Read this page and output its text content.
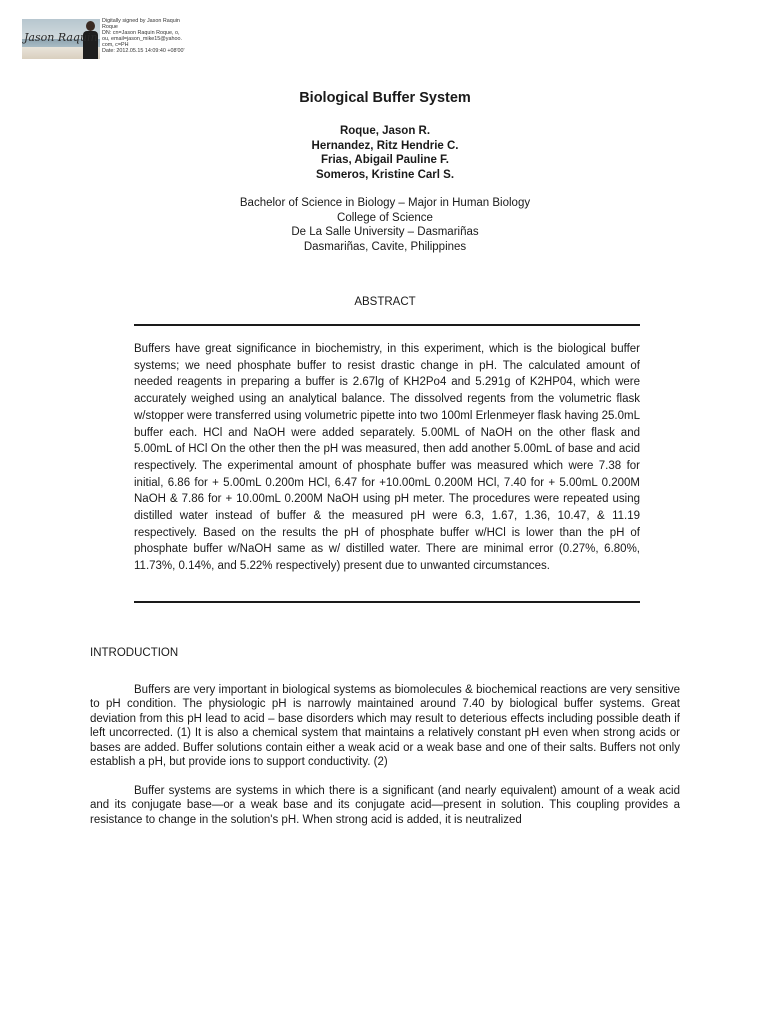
Jason Raquin
Digitally signed by Jason Raquin
Roque
DN: cn=Jason Raquin Roque, o,
ou, email=jason_mike15@yahoo.
com, c=PH
Date: 2012.05.15 14:09:40 +08'00'
Biological Buffer System
Roque, Jason R.
Hernandez, Ritz Hendrie C.
Frias, Abigail Pauline F.
Someros, Kristine Carl S.
Bachelor of Science in Biology – Major in Human Biology
College of Science
De La Salle University – Dasmariñas
Dasmariñas, Cavite, Philippines
ABSTRACT

Buffers have great significance in biochemistry, in this experiment, which is the biological buffer systems; we need phosphate buffer to resist drastic change in pH. The calculated amount of needed reagents in preparing a buffer is 2.67lg of KH2Po4 and 5.291g of K2HP04, which were accurately weighed using an analytical balance. The dissolved regents from the volumetric flask w/stopper were transferred using volumetric pipette into two 100ml Erlenmeyer flask having 25.0mL buffer each. HCl and NaOH were added separately. 5.00ML of NaOH on the other flask and 5.00mL of HCl On the other then the pH was measured, then add another 5.00mL of base and acid respectively. The experimental amount of phosphate buffer was measured which were 7.38 for initial, 6.86 for + 5.00mL 0.200m HCl, 6.47 for +10.00mL 0.200M HCl, 7.40 for + 5.00mL 0.200M NaOH & 7.86 for + 10.00mL 0.200M NaOH using pH meter. The procedures were repeated using distilled water instead of buffer & the measured pH were 6.3, 1.67, 1.36, 10.47, & 11.19 respectively. Based on the results the pH of phosphate buffer w/HCl is lower than the pH of phosphate buffer w/NaOH same as w/ distilled water. There are minimal error (0.27%, 6.80%, 11.73%, 0.14%, and 5.22% respectively) present due to unwanted circumstances.

INTRODUCTION

Buffers are very important in biological systems as biomolecules & biochemical reactions are very sensitive to pH condition. The physiologic pH is narrowly maintained around 7.40 by biological buffer systems. Great deviation from this pH lead to acid – base disorders which may result to deterious effects including possible death if left uncorrected. (1) It is also a chemical system that maintains a relatively constant pH even when strong acids or bases are added. Buffer solutions contain either a weak acid or a weak base and one of their salts. Buffers not only establish a pH, but provide ions to support conductivity. (2)

Buffer systems are systems in which there is a significant (and nearly equivalent) amount of a weak acid and its conjugate base—or a weak base and its conjugate acid—present in solution. This coupling provides a resistance to change in the solution's pH. When strong acid is added, it is neutralized
